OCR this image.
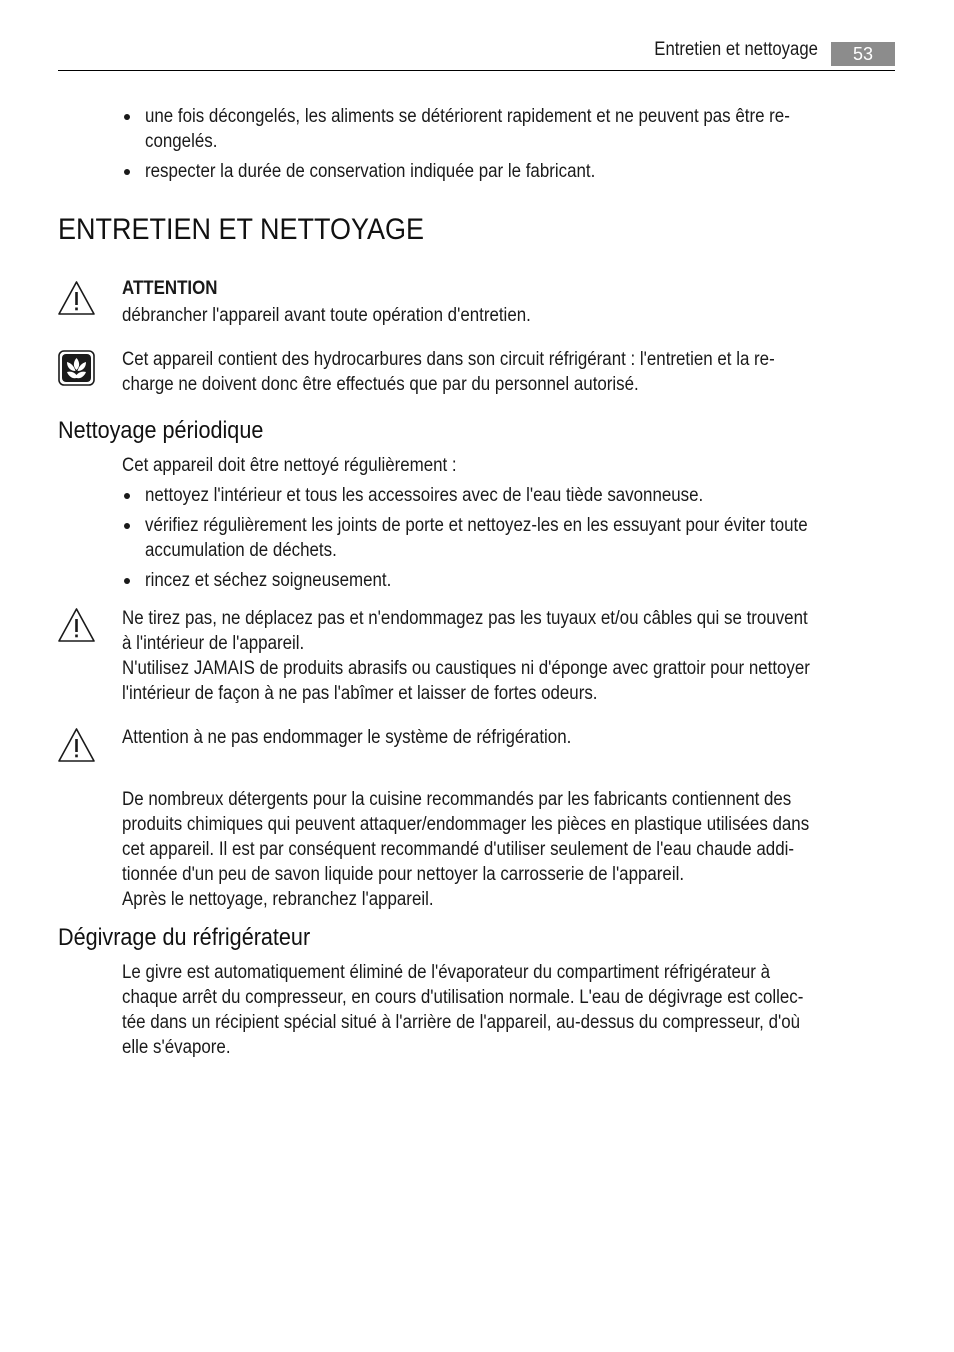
Entretien et nettoyage	53
une fois décongelés, les aliments se détériorent rapidement et ne peuvent pas être re-
congelés.
respecter la durée de conservation indiquée par le fabricant.
ENTRETIEN ET NETTOYAGE
ATTENTION
débrancher l'appareil avant toute opération d'entretien.
Cet appareil contient des hydrocarbures dans son circuit réfrigérant : l'entretien et la re-
charge ne doivent donc être effectués que par du personnel autorisé.
Nettoyage périodique
Cet appareil doit être nettoyé régulièrement :
nettoyez l'intérieur et tous les accessoires avec de l'eau tiède savonneuse.
vérifiez régulièrement les joints de porte et nettoyez-les en les essuyant pour éviter toute
accumulation de déchets.
rincez et séchez soigneusement.
Ne tirez pas, ne déplacez pas et n'endommagez pas les tuyaux et/ou câbles qui se trouvent
à l'intérieur de l'appareil.
N'utilisez JAMAIS de produits abrasifs ou caustiques ni d'éponge avec grattoir pour nettoyer
l'intérieur de façon à ne pas l'abîmer et laisser de fortes odeurs.
Attention à ne pas endommager le système de réfrigération.
De nombreux détergents pour la cuisine recommandés par les fabricants contiennent des
produits chimiques qui peuvent attaquer/endommager les pièces en plastique utilisées dans
cet appareil. Il est par conséquent recommandé d'utiliser seulement de l'eau chaude addi-
tionnée d'un peu de savon liquide pour nettoyer la carrosserie de l'appareil.
Après le nettoyage, rebranchez l'appareil.
Dégivrage du réfrigérateur
Le givre est automatiquement éliminé de l'évaporateur du compartiment réfrigérateur à
chaque arrêt du compresseur, en cours d'utilisation normale. L'eau de dégivrage est collec-
tée dans un récipient spécial situé à l'arrière de l'appareil, au-dessus du compresseur, d'où
elle s'évapore.
